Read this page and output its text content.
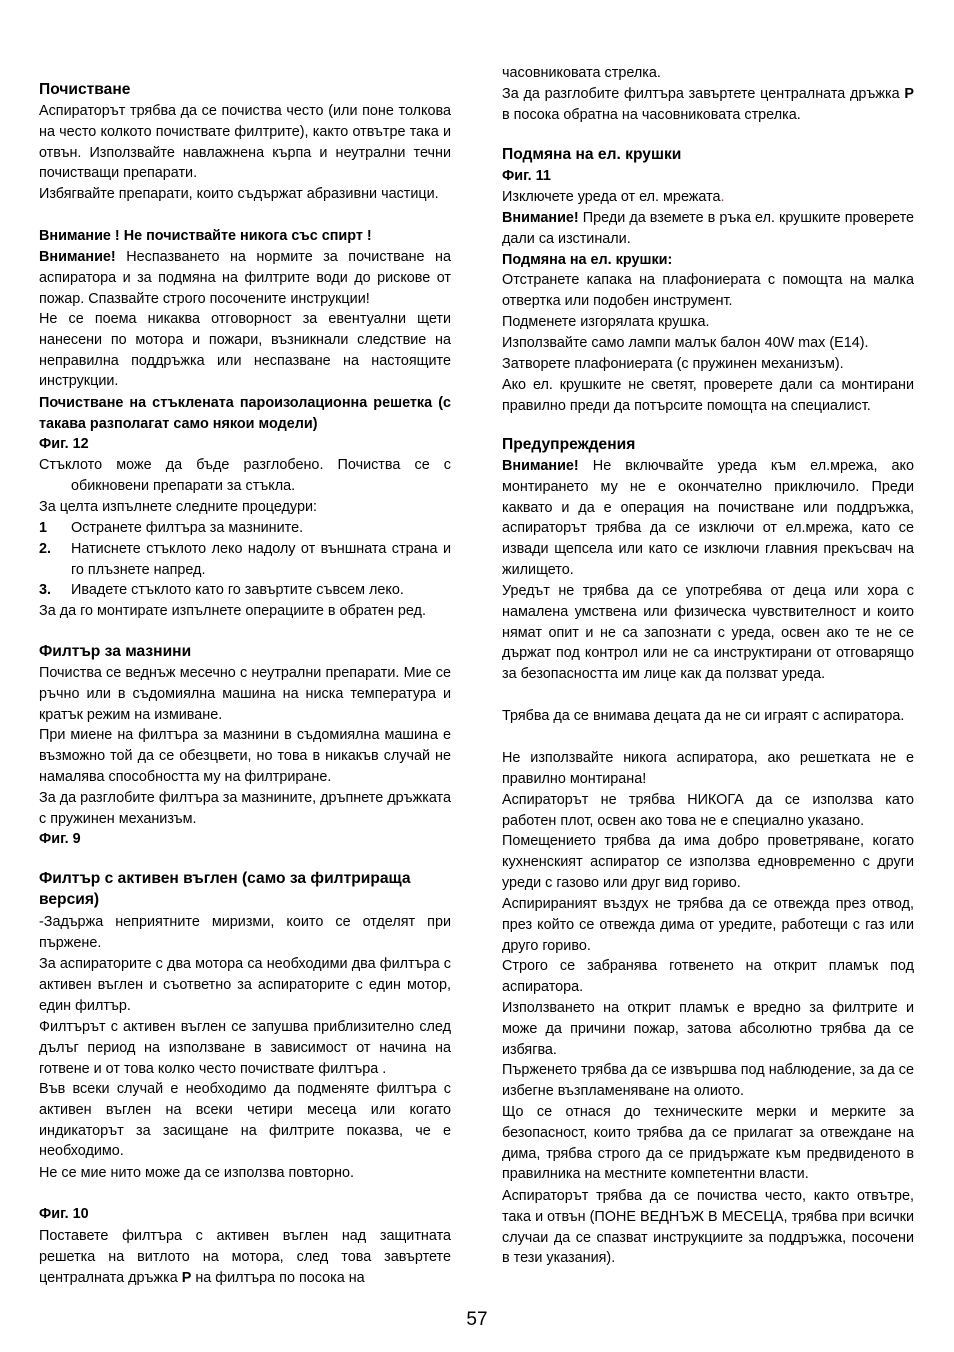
Почистване

Аспираторът трябва да се почиства често (или поне толкова на често колкото почиствате филтрите), както отвътре така и отвън. Използвайте навлажнена кърпа и неутрални течни почистващи препарати.

Избягвайте препарати, които съдържат абразивни частици.

Внимание ! Не почиствайте никога със спирт !

Внимание! Неспазването на нормите за почистване на аспиратора и за подмяна на филтрите води до рискове от пожар. Спазвайте строго посочените инструкции!

Не се поема никаква отговорност за евентуални щети нанесени по мотора и пожари, възникнали следствие на неправилна поддръжка или неспазване на настоящите инструкции.

Почистване на стъклената пароизолационна решетка (с такава разполагат само някои модели)

Фиг. 12

Стъклото може да бъде разглобено. Почиства се с обикновени препарати за стъкла.

За целта изпълнете следните процедури:

1	Остранете филтъра за мазнините.
2.	Натиснете стъклото леко надолу от външната страна и го плъзнете напред.
3.	Ивадете стъклото като го завъртите съвсем леко.

За да го монтирате изпълнете операциите в обратен ред.

Филтър за мазнини

Почиства се веднъж месечно с неутрални препарати. Мие се ръчно или в съдомиялна машина на ниска температура и кратък режим на измиване.

При миене на филтъра за мазнини в съдомиялна машина е възможно той да се обезцвети, но това в никакъв случай не намалява способността му на филтриране.

За да разглобите филтъра за мазнините, дръпнете дръжката с пружинен механизъм.

Фиг. 9

Филтър с активен въглен (само за филтрираща версия)

-Задържа неприятните миризми, които се отделят при пържене.

За аспираторите с два мотора са необходими два филтъра с активен въглен и съответно за аспираторите с един мотор, един филтър.

Филтърът с активен въглен се запушва приблизително след дълъг период на използване в зависимост от начина на готвене и от това колко често почиствате филтъра .

Във всеки случай е необходимо да подменяте филтъра с активен въглен на всеки четири месеца или когато индикаторът за засищане на филтрите показва, че е необходимо.

Не се мие нито може да се използва повторно.

Фиг. 10

Поставете филтъра с активен въглен над защитната решетка на витлото на мотора, след това завъртете централната дръжка P на филтъра по посока на

часовниковата стрелка.

За да разглобите филтъра завъртете централната дръжка P в посока обратна на часовниковата стрелка.

Подмяна на ел. крушки

Фиг. 11

Изключете уреда от ел. мрежата.

Внимание! Преди да вземете в ръка ел. крушките проверете дали са изстинали.

Подмяна на ел. крушки:

Отстранете капака на плафониерата с помощта на малка отвертка или подобен инструмент.

Подменете изгорялата крушка.

Използвайте само лампи малък балон 40W max (E14).

Затворете плафониерата (с пружинен механизъм).

Ако ел. крушките не светят, проверете дали са монтирани правилно преди да потърсите помощта на специалист.

Предупреждения

Внимание! Не включвайте уреда към ел.мрежа, ако монтирането му не е окончателно приключило. Преди каквато и да е операция на почистване или поддръжка, аспираторът трябва да се изключи от ел.мрежа, като се извади щепсела или като се изключи главния прекъсвач на жилището.

Уредът не трябва да се употребява от деца или хора с намалена умствена или физическа чувствителност и които нямат опит и не са запознати с уреда, освен ако те не се държат под контрол или не са инструктирани от отговарящо за безопасността им лице как да ползват уреда.

Трябва да се внимава децата да не си играят с аспиратора.

Не използвайте никога аспиратора, ако решетката не е правилно монтирана!

Аспираторът не трябва НИКОГА да се използва като работен плот, освен ако това не е специално указано.

Помещението трябва да има добро проветряване, когато кухненският аспиратор се използва едновременно с други уреди с газово или друг вид гориво.

Аспирираният въздух не трябва да се отвежда през отвод, през който се отвежда дима от уредите, работещи с газ или друго гориво.

Строго се забранява готвенето на открит пламък под аспиратора.

Използването на открит пламък е вредно за филтрите и може да причини пожар, затова абсолютно трябва да се избягва.

Пърженето трябва да се извършва под наблюдение, за да се избегне възпламеняване на олиото.

Що се отнася до техническите мерки и мерките за безопасност, които трябва да се прилагат за отвеждане на дима, трябва строго да се придържате към предвиденото в правилника на местните компетентни власти.

Аспираторът трябва да се почиства често, както отвътре, така и отвън (ПОНЕ ВЕДНЪЖ В МЕСЕЦА, трябва при всички случаи да се спазват инструкциите за поддръжка, посочени в тези указания).

57
